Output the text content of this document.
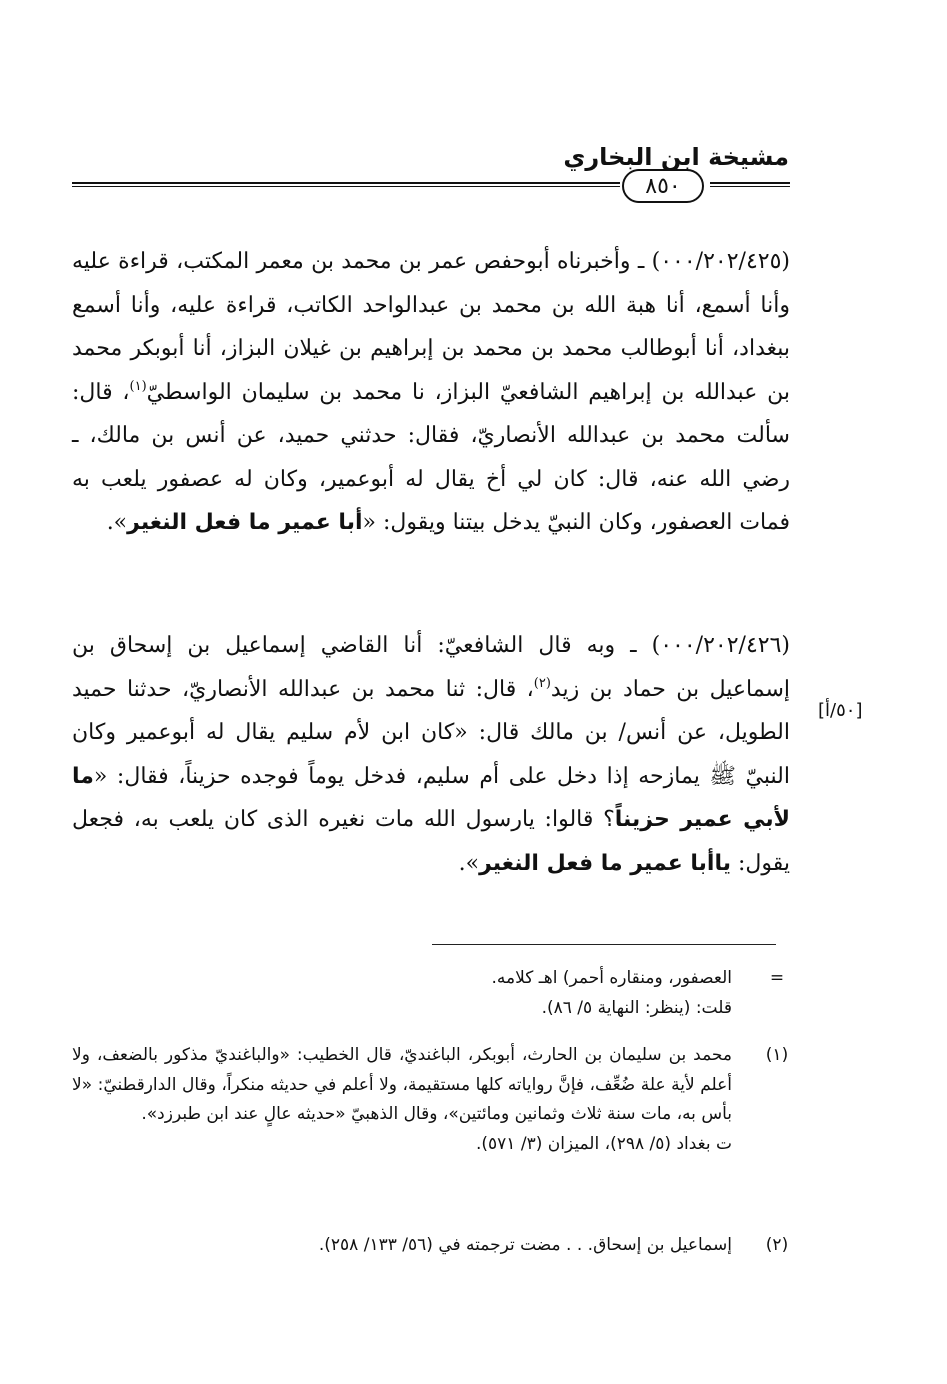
مشيخة ابن البخاري
٨٥٠
(٠٠٠/٢٠٢/٤٢٥) ـ وأخبرناه أبوحفص عمر بن محمد بن معمر المكتب، قراءة عليه وأنا أسمع، أنا هبة الله بن محمد بن عبدالواحد الكاتب، قراءة عليه، وأنا أسمع ببغداد، أنا أبوطالب محمد بن محمد بن إبراهيم بن غيلان البزاز، أنا أبوبكر محمد بن عبدالله بن إبراهيم الشافعيّ البزاز، نا محمد بن سليمان الواسطيّ$^{(١)}$، قال: سألت محمد بن عبدالله الأنصاريّ، فقال: حدثني حميد، عن أنس بن مالك، ـ رضي الله عنه، قال: كان لي أخ يقال له أبوعمير، وكان له عصفور يلعب به فمات العصفور، وكان النبيّ يدخل بيتنا ويقول: «أبا عمير ما فعل النغير».
(٠٠٠/٢٠٢/٤٢٦) ـ وبه قال الشافعيّ: أنا القاضي إسماعيل بن إسحاق بن إسماعيل بن حماد بن زيد$^{(٢)}$، قال: ثنا محمد بن عبدالله الأنصاريّ، حدثنا حميد الطويل، عن أنس/ بن مالك قال: «كان ابن لأم سليم يقال له أبوعمير وكان النبيّ ﷺ يمازحه إذا دخل على أم سليم، فدخل يوماً فوجده حزيناً، فقال: «ما لأبي عمير حزيناً؟ قالوا: يارسول الله مات نغيره الذى كان يلعب به، فجعل يقول: ياأبا عمير ما فعل النغير».
[٥٠/أ]
=
العصفور، ومنقاره أحمر) اهـ كلامه.
قلت: (ينظر: النهاية ٥/ ٨٦).
(١)
محمد بن سليمان بن الحارث، أبوبكر، الباغنديّ، قال الخطيب: «والباغنديّ مذكور بالضعف، ولا أعلم لأية علة ضُعِّف، فإنَّ رواياته كلها مستقيمة، ولا أعلم في حديثه منكراً، وقال الدارقطنيّ: «لا بأس به، مات سنة ثلاث وثمانين ومائتين»، وقال الذهبيّ «حديثه عالٍ عند ابن طبرزد».
ت بغداد (٥/ ٢٩٨)، الميزان (٣/ ٥٧١).
(٢)
إسماعيل بن إسحاق. . . مضت ترجمته في (٥٦/ ١٣٣/ ٢٥٨).
